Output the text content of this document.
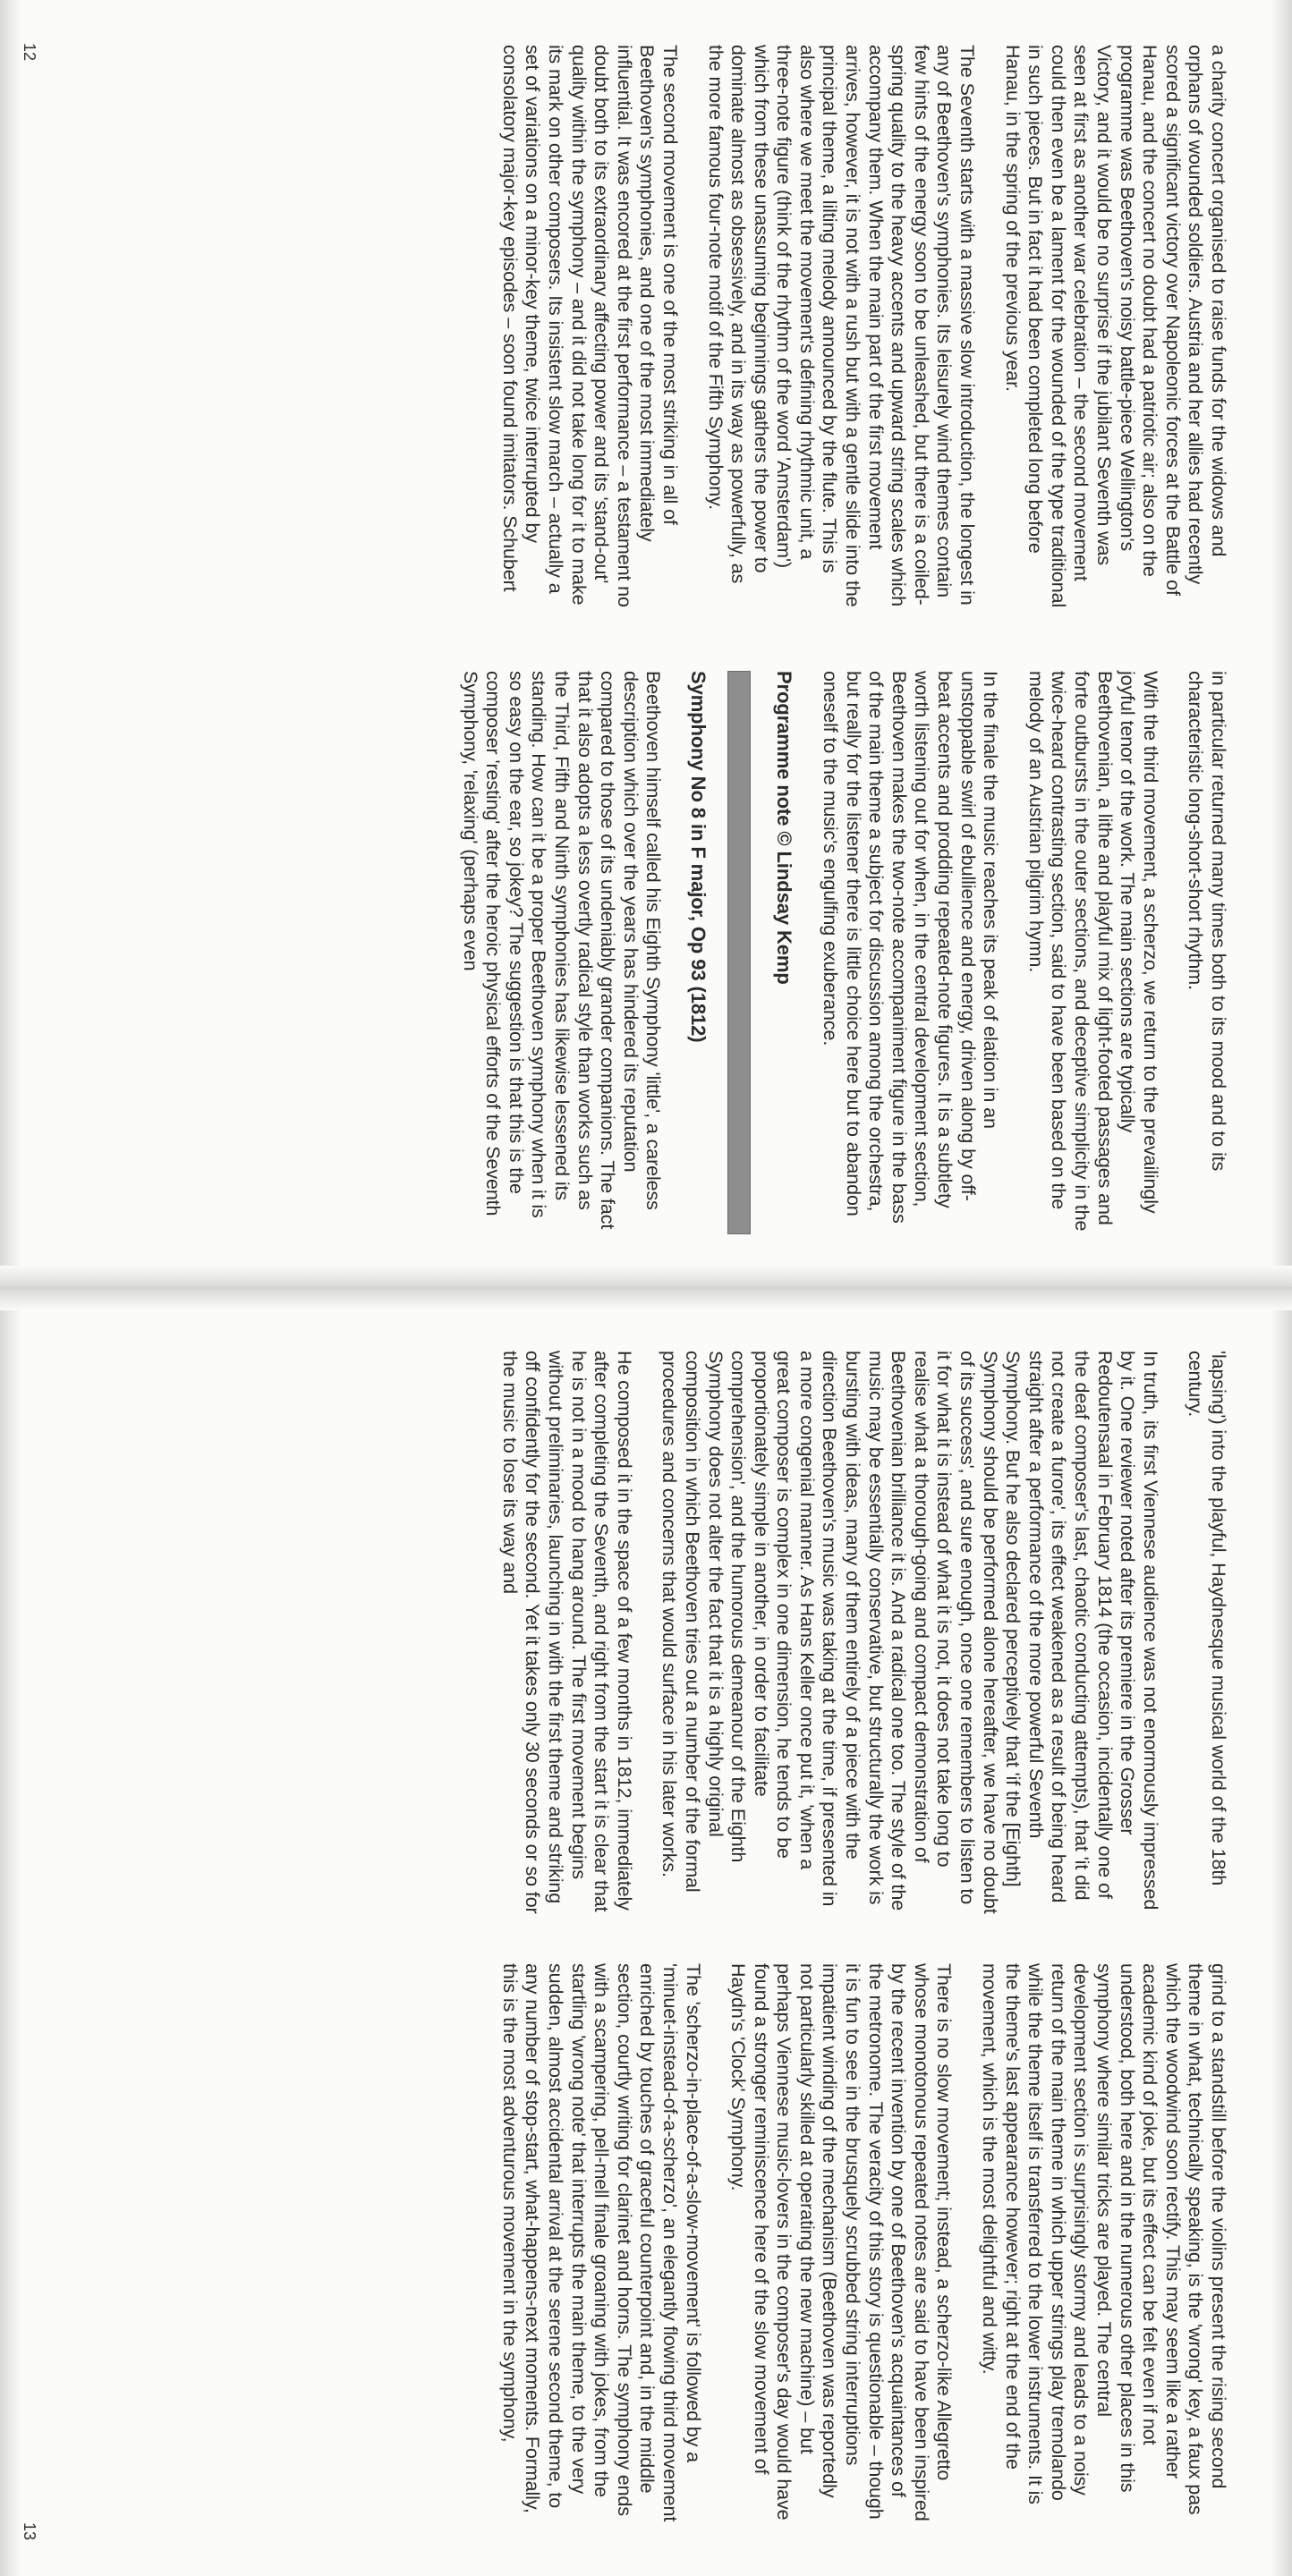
a charity concert organised to raise funds for the widows and orphans of wounded soldiers. Austria and her allies had recently scored a significant victory over Napoleonic forces at the Battle of Hanau, and the concert no doubt had a patriotic air; also on the programme was Beethoven's noisy battle-piece Wellington's Victory, and it would be no surprise if the jubilant Seventh was seen at first as another war celebration – the second movement could then even be a lament for the wounded of the type traditional in such pieces. But in fact it had been completed long before Hanau, in the spring of the previous year.

The Seventh starts with a massive slow introduction, the longest in any of Beethoven's symphonies. Its leisurely wind themes contain few hints of the energy soon to be unleashed, but there is a coiled-spring quality to the heavy accents and upward string scales which accompany them. When the main part of the first movement arrives, however, it is not with a rush but with a gentle slide into the principal theme, a lilting melody announced by the flute. This is also where we meet the movement's defining rhythmic unit, a three-note figure (think of the rhythm of the word 'Amsterdam') which from these unassuming beginnings gathers the power to dominate almost as obsessively, and in its way as powerfully, as the more famous four-note motif of the Fifth Symphony.

The second movement is one of the most striking in all of Beethoven's symphonies, and one of the most immediately influential. It was encored at the first performance – a testament no doubt both to its extraordinary affecting power and its 'stand-out' quality within the symphony – and it did not take long for it to make its mark on other composers. Its insistent slow march – actually a set of variations on a minor-key theme, twice interrupted by consolatory major-key episodes – soon found imitators. Schubert

in particular returned many times both to its mood and to its characteristic long-short-short rhythm.

With the third movement, a scherzo, we return to the prevailingly joyful tenor of the work. The main sections are typically Beethovenian, a lithe and playful mix of light-footed passages and forte outbursts in the outer sections, and deceptive simplicity in the twice-heard contrasting section, said to have been based on the melody of an Austrian pilgrim hymn.

In the finale the music reaches its peak of elation in an unstoppable swirl of ebullience and energy, driven along by off-beat accents and prodding repeated-note figures. It is a subtlety worth listening out for when, in the central development section, Beethoven makes the two-note accompaniment figure in the bass of the main theme a subject for discussion among the orchestra, but really for the listener there is little choice here but to abandon oneself to the music's engulfing exuberance.

Programme note © Lindsay Kemp

Symphony No 8 in F major, Op 93 (1812)

Beethoven himself called his Eighth Symphony 'little', a careless description which over the years has hindered its reputation compared to those of its undeniably grander companions. The fact that it also adopts a less overtly radical style than works such as the Third, Fifth and Ninth symphonies has likewise lessened its standing. How can it be a proper Beethoven symphony when it is so easy on the ear, so jokey? The suggestion is that this is the composer 'resting' after the heroic physical efforts of the Seventh Symphony, 'relaxing' (perhaps even

'lapsing') into the playful, Haydnesque musical world of the 18th century.

In truth, its first Viennese audience was not enormously impressed by it. One reviewer noted after its premiere in the Grosser Redoutensaal in February 1814 (the occasion, incidentally one of the deaf composer's last, chaotic conducting attempts), that 'it did not create a furore', its effect weakened as a result of being heard straight after a performance of the more powerful Seventh Symphony. But he also declared perceptively that 'if the [Eighth] Symphony should be performed alone hereafter, we have no doubt of its success', and sure enough, once one remembers to listen to it for what it is instead of what it is not, it does not take long to realise what a thorough-going and compact demonstration of Beethovenian brilliance it is. And a radical one too. The style of the music may be essentially conservative, but structurally the work is bursting with ideas, many of them entirely of a piece with the direction Beethoven's music was taking at the time, if presented in a more congenial manner. As Hans Keller once put it, 'when a great composer is complex in one dimension, he tends to be proportionately simple in another, in order to facilitate comprehension', and the humorous demeanour of the Eighth Symphony does not alter the fact that it is a highly original composition in which Beethoven tries out a number of the formal procedures and concerns that would surface in his later works.

He composed it in the space of a few months in 1812, immediately after completing the Seventh, and right from the start it is clear that he is not in a mood to hang around. The first movement begins without preliminaries, launching in with the first theme and striking off confidently for the second. Yet it takes only 30 seconds or so for the music to lose its way and

grind to a standstill before the violins present the rising second theme in what, technically speaking, is the 'wrong' key, a faux pas which the woodwind soon rectify. This may seem like a rather academic kind of joke, but its effect can be felt even if not understood, both here and in the numerous other places in this symphony where similar tricks are played. The central development section is surprisingly stormy and leads to a noisy return of the main theme in which upper strings play tremolando while the theme itself is transferred to the lower instruments. It is the theme's last appearance however; right at the end of the movement, which is the most delightful and witty.

There is no slow movement; instead, a scherzo-like Allegretto whose monotonous repeated notes are said to have been inspired by the recent invention by one of Beethoven's acquaintances of the metronome. The veracity of this story is questionable – though it is fun to see in the brusquely scrubbed string interruptions impatient winding of the mechanism (Beethoven was reportedly not particularly skilled at operating the new machine) – but perhaps Viennese music-lovers in the composer's day would have found a stronger reminiscence here of the slow movement of Haydn's 'Clock' Symphony.

The 'scherzo-in-place-of-a-slow-movement' is followed by a 'minuet-instead-of-a-scherzo', an elegantly flowing third movement enriched by touches of graceful counterpoint and, in the middle section, courtly writing for clarinet and horns. The symphony ends with a scampering, pell-mell finale groaning with jokes, from the startling 'wrong note' that interrupts the main theme, to the very sudden, almost accidental arrival at the serene second theme, to any number of stop-start, what-happens-next moments. Formally, this is the most adventurous movement in the symphony,

12
13
